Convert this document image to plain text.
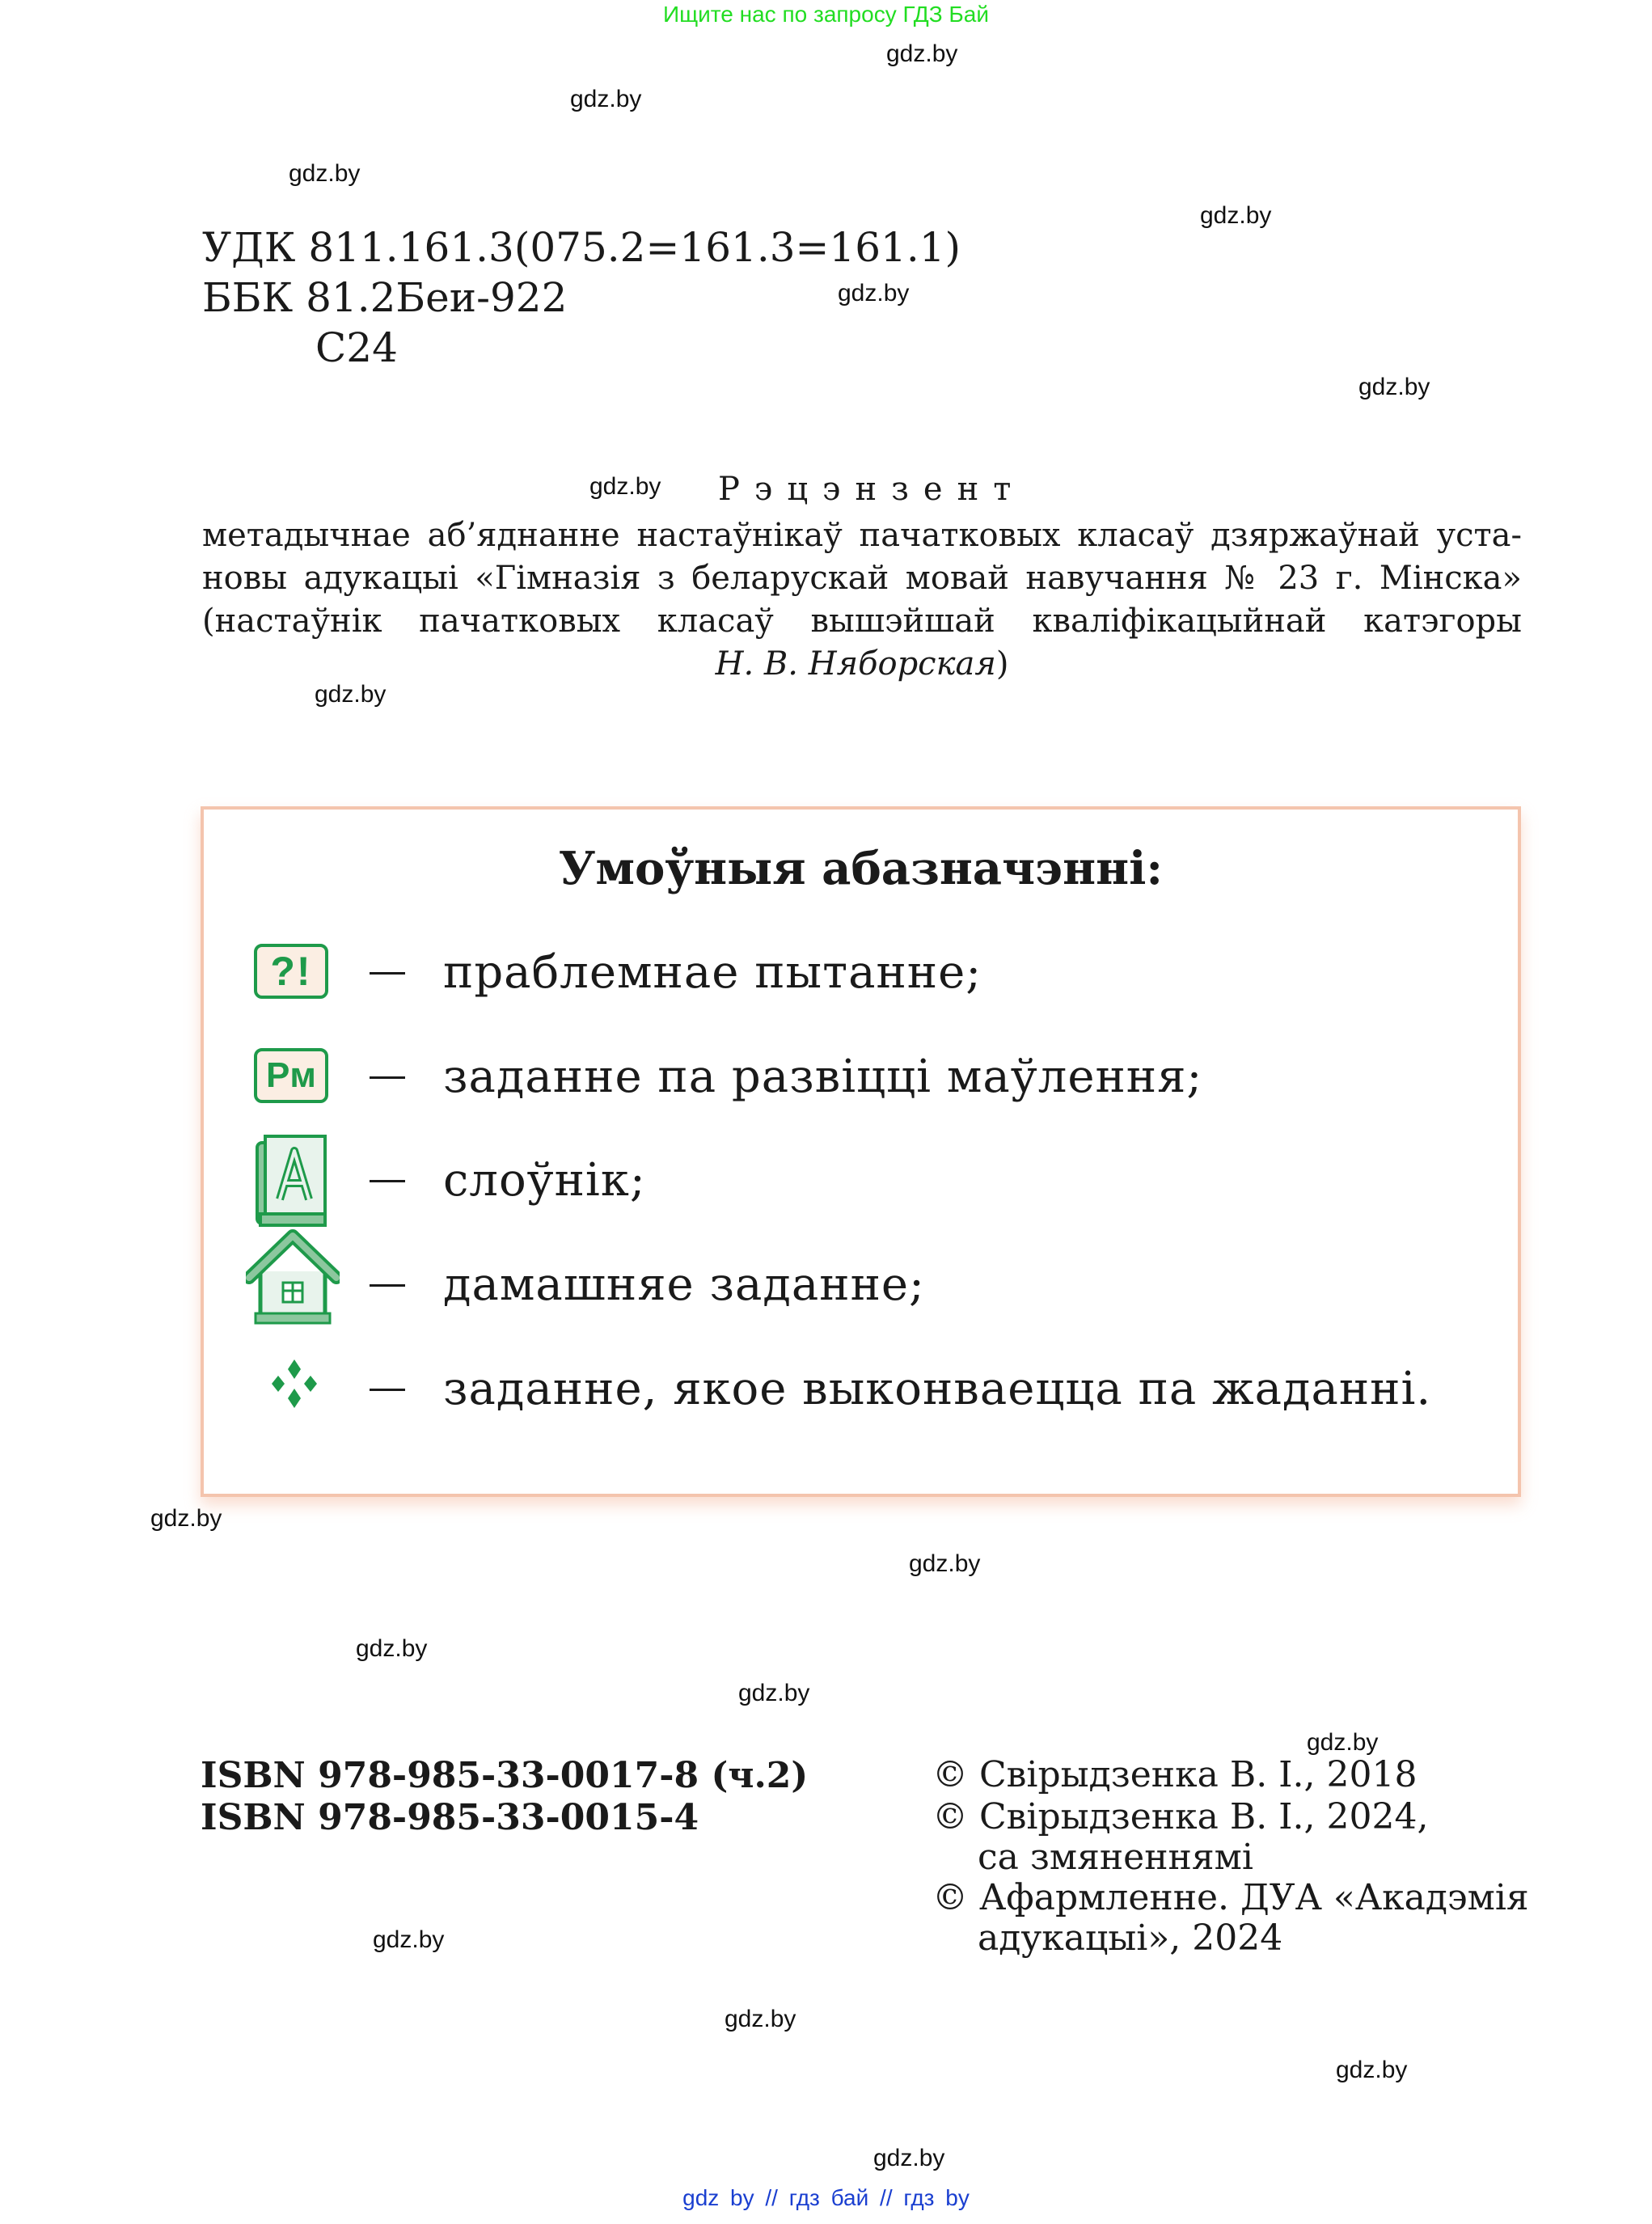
Ищите нас по запросу ГДЗ Бай
gdz.by
gdz.by
gdz.by
gdz.by
gdz.by
gdz.by
gdz.by
gdz.by
gdz.by
gdz.by
gdz.by
gdz.by
gdz.by
gdz.by
gdz.by
gdz.by
gdz.by
УДК 811.161.3(075.2=161.3=161.1)
ББК 81.2Беи-922
С24
Рэцэнзент
метадычнае аб’яднанне настаўнікаў пачатковых класаў дзяржаўнай уста-
новы адукацыі «Гімназія з беларускай мовай навучання № 23 г. Мінска»
(настаўнік пачатковых класаў вышэйшай кваліфікацыйнай катэгоры
Н. В. Няборская)
Умоўныя абазначэнні:
?!	праблемнае пытанне;
Рм	заданне па развіцці маўлення;
слоўнік;
дамашняе заданне;
заданне, якое выконваецца па жаданні.
ISBN 978-985-33-0017-8 (ч.2)
ISBN 978-985-33-0015-4
© Свірыдзенка В. І., 2018
© Свірыдзенка В. І., 2024,
са змяненнямі
© Афармленне. ДУА «Акадэмія
адукацыі», 2024
gdz by // гдз бай // гдз by
